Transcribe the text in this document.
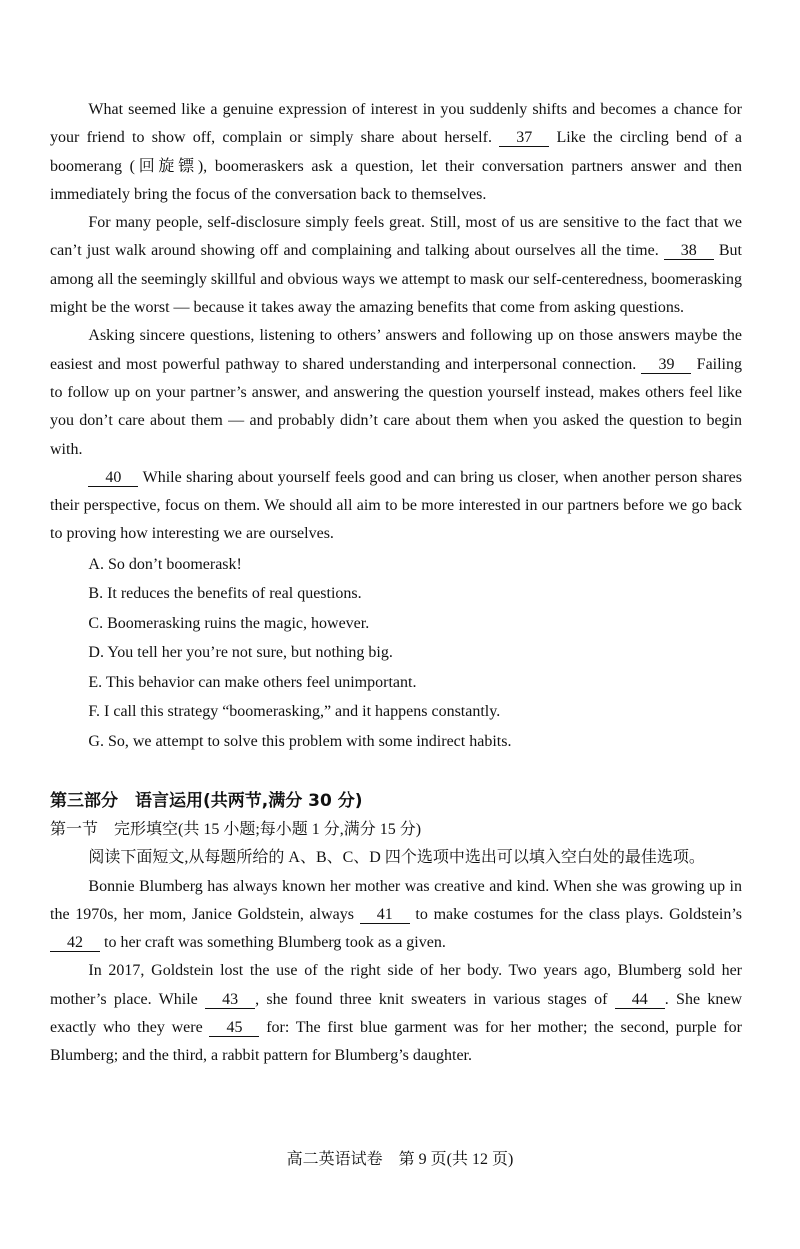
What seemed like a genuine expression of interest in you suddenly shifts and becomes a chance for your friend to show off, complain or simply share about herself. 37 Like the circling bend of a boomerang (回旋镖), boomeraskers ask a question, let their conversation partners answer and then immediately bring the focus of the conversation back to themselves.

For many people, self-disclosure simply feels great. Still, most of us are sensitive to the fact that we can’t just walk around showing off and complaining and talking about ourselves all the time. 38 But among all the seemingly skillful and obvious ways we attempt to mask our self-centeredness, boomerasking might be the worst — because it takes away the amazing benefits that come from asking questions.

Asking sincere questions, listening to others’ answers and following up on those answers maybe the easiest and most powerful pathway to shared understanding and interpersonal connection. 39 Failing to follow up on your partner’s answer, and answering the question yourself instead, makes others feel like you don’t care about them — and probably didn’t care about them when you asked the question to begin with.

40 While sharing about yourself feels good and can bring us closer, when another person shares their perspective, focus on them. We should all aim to be more interested in our partners before we go back to proving how interesting we are ourselves.

A. So don’t boomerask!

B. It reduces the benefits of real questions.

C. Boomerasking ruins the magic, however.

D. You tell her you’re not sure, but nothing big.

E. This behavior can make others feel unimportant.

F. I call this strategy “boomerasking,” and it happens constantly.

G. So, we attempt to solve this problem with some indirect habits.

第三部分　语言运用(共两节,满分 30 分)

第一节　完形填空(共 15 小题;每小题 1 分,满分 15 分)

阅读下面短文,从每题所给的 A、B、C、D 四个选项中选出可以填入空白处的最佳选项。

Bonnie Blumberg has always known her mother was creative and kind. When she was growing up in the 1970s, her mom, Janice Goldstein, always 41 to make costumes for the class plays. Goldstein’s 42 to her craft was something Blumberg took as a given.

In 2017, Goldstein lost the use of the right side of her body. Two years ago, Blumberg sold her mother’s place. While 43 , she found three knit sweaters in various stages of 44 . She knew exactly who they were 45 for: The first blue garment was for her mother; the second, purple for Blumberg; and the third, a rabbit pattern for Blumberg’s daughter.

高二英语试卷　第 9 页(共 12 页)
